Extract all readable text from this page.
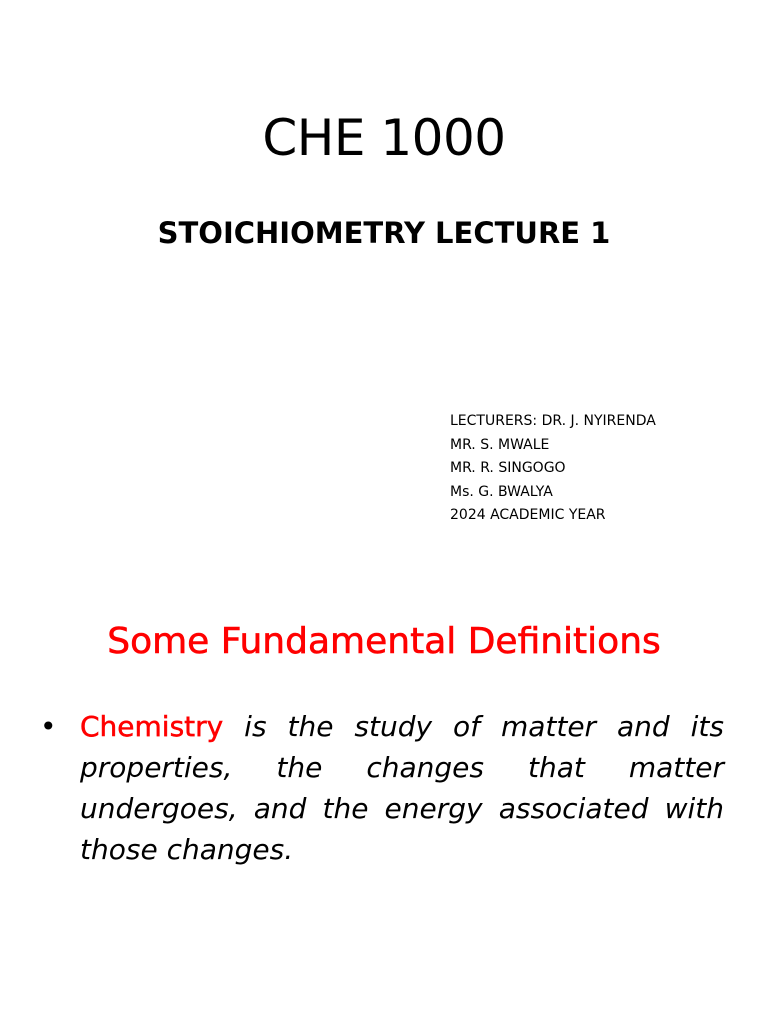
CHE 1000
STOICHIOMETRY LECTURE 1
LECTURERS: DR. J. NYIRENDA
MR. S. MWALE
MR. R. SINGOGO
Ms. G. BWALYA
2024 ACADEMIC YEAR
Some Fundamental Definitions
• Chemistry is the study of matter and its properties, the changes that matter undergoes, and the energy associated with those changes.
